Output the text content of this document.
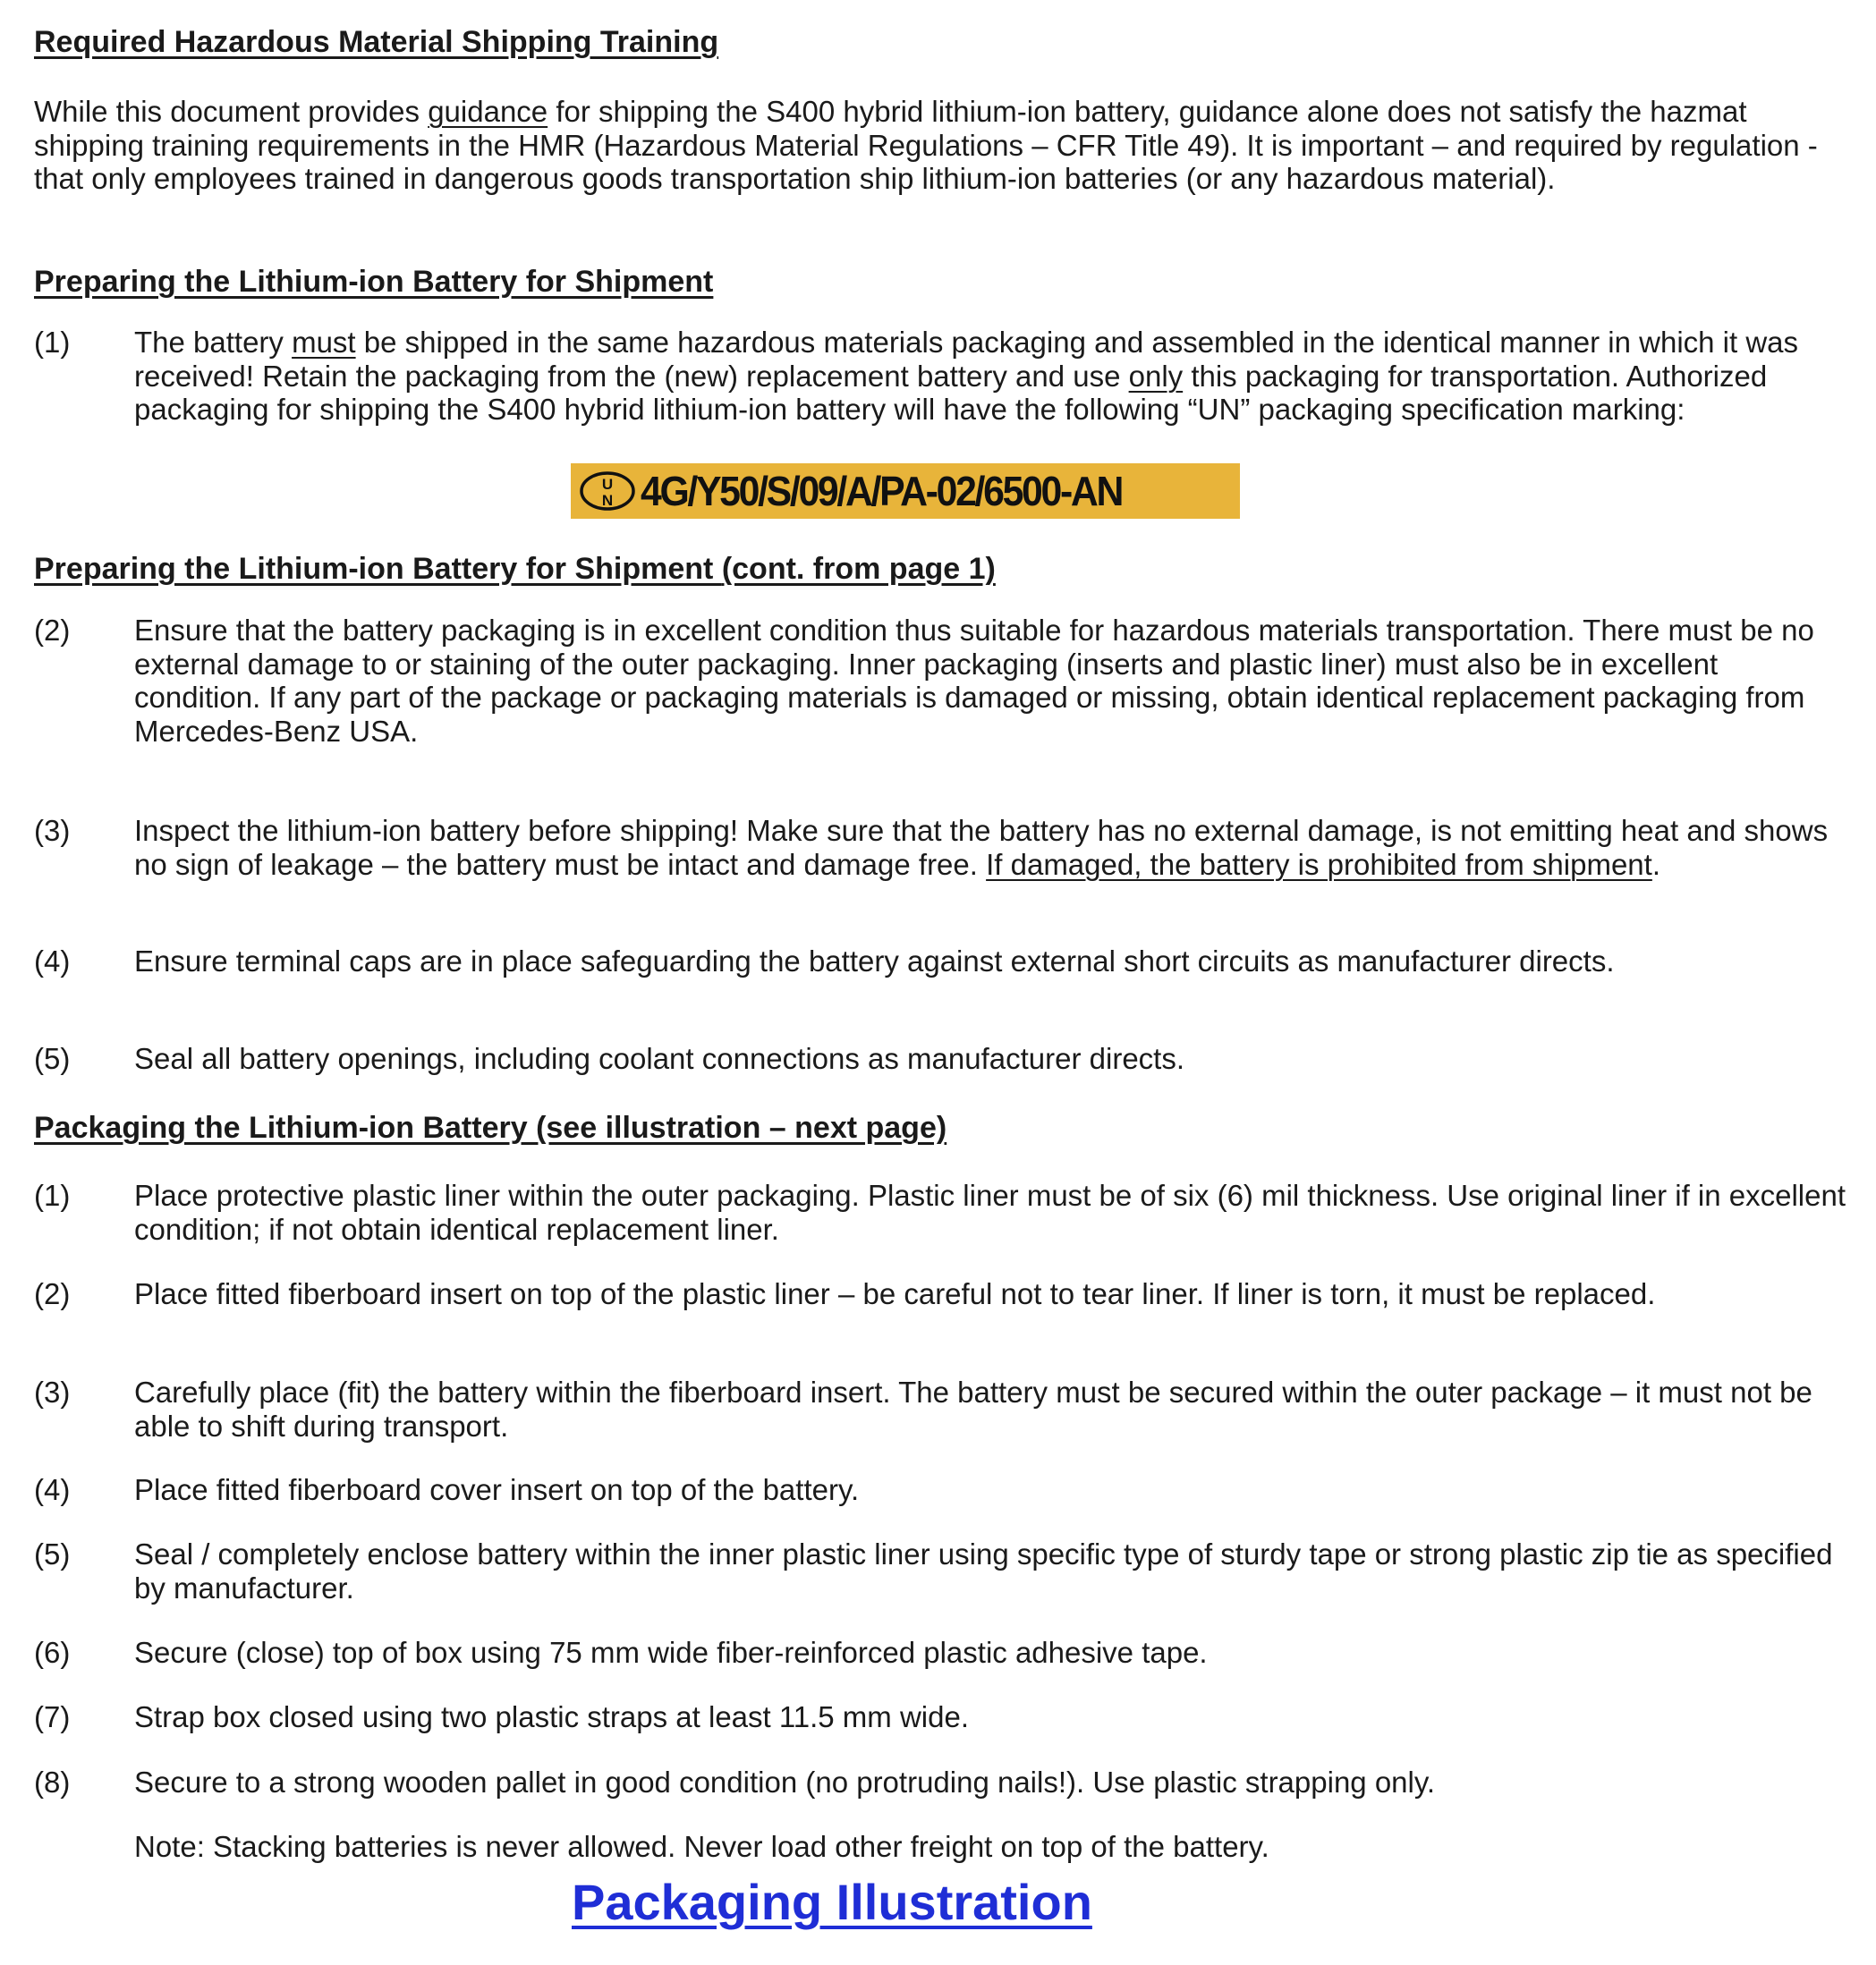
Required Hazardous Material Shipping Training

While this document provides guidance for shipping the S400 hybrid lithium-ion battery, guidance alone does not satisfy the hazmat shipping training requirements in the HMR (Hazardous Material Regulations – CFR Title 49). It is important – and required by regulation - that only employees trained in dangerous goods transportation ship lithium-ion batteries (or any hazardous material).

Preparing the Lithium-ion Battery for Shipment
(1)	The battery must be shipped in the same hazardous materials packaging and assembled in the identical manner in which it was received! Retain the packaging from the (new) replacement battery and use only this packaging for transportation. Authorized packaging for shipping the S400 hybrid lithium-ion battery will have the following “UN” packaging specification marking:
Preparing the Lithium-ion Battery for Shipment (cont. from page 1)
(2)	Ensure that the battery packaging is in excellent condition thus suitable for hazardous materials transportation. There must be no external damage to or staining of the outer packaging. Inner packaging (inserts and plastic liner) must also be in excellent condition. If any part of the package or packaging materials is damaged or missing, obtain identical replacement packaging from Mercedes-Benz USA.
(3)	Inspect the lithium-ion battery before shipping! Make sure that the battery has no external damage, is not emitting heat and shows no sign of leakage – the battery must be intact and damage free. If damaged, the battery is prohibited from shipment.
(4)	Ensure terminal caps are in place safeguarding the battery against external short circuits as manufacturer directs.
(5)	Seal all battery openings, including coolant connections as manufacturer directs.
Packaging the Lithium-ion Battery (see illustration – next page)
(1)	Place protective plastic liner within the outer packaging. Plastic liner must be of six (6) mil thickness. Use original liner if in excellent condition; if not obtain identical replacement liner.
(2)	Place fitted fiberboard insert on top of the plastic liner – be careful not to tear liner. If liner is torn, it must be replaced.
(3)	Carefully place (fit) the battery within the fiberboard insert. The battery must be secured within the outer package – it must not be able to shift during transport.
(4)	Place fitted fiberboard cover insert on top of the battery.
(5)	Seal / completely enclose battery within the inner plastic liner using specific type of sturdy tape or strong plastic zip tie as specified by manufacturer.
(6)	Secure (close) top of box using 75 mm wide fiber-reinforced plastic adhesive tape.
(7)	Strap box closed using two plastic straps at least 11.5 mm wide.
(8)	Secure to a strong wooden pallet in good condition (no protruding nails!). Use plastic strapping only.
Note: Stacking batteries is never allowed. Never load other freight on top of the battery.
U
N 4G/Y50/S/09/A/PA-02/6500-AN
Packaging Illustration
